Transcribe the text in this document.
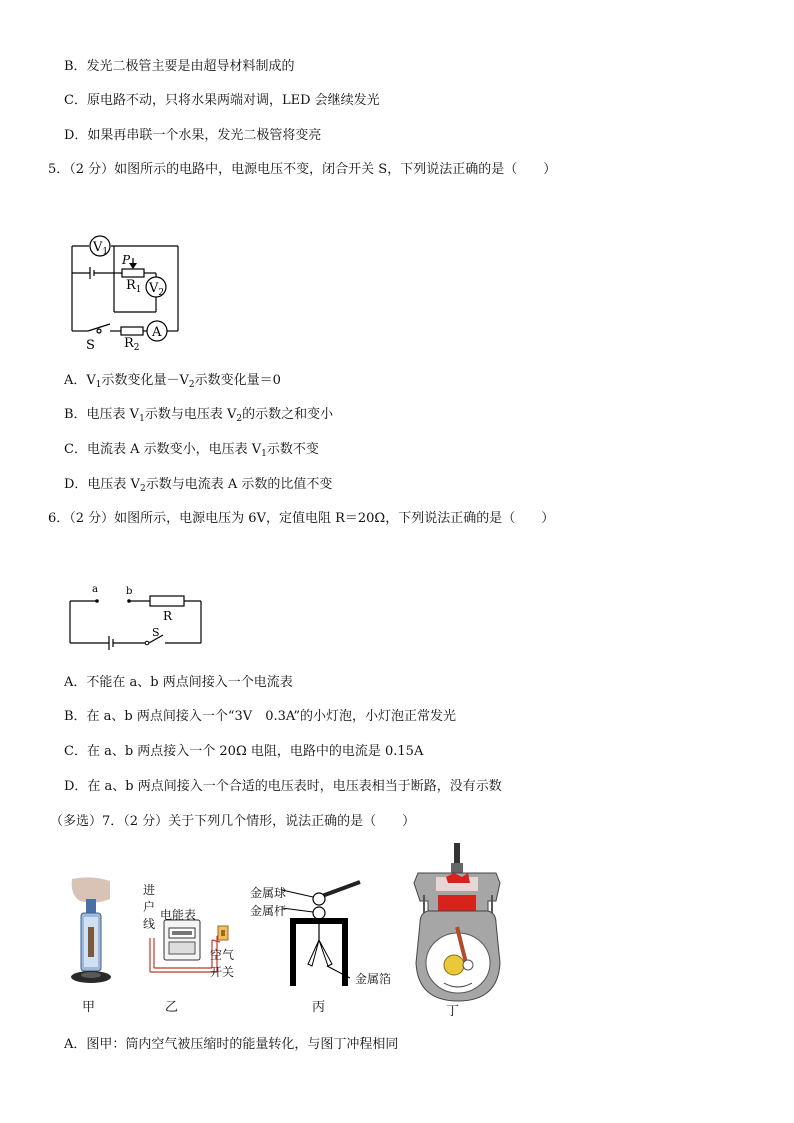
B．发光二极管主要是由超导材料制成的
C．原电路不动，只将水果两端对调，LED 会继续发光
D．如果再串联一个水果，发光二极管将变亮
5．（2 分）如图所示的电路中，电源电压不变，闭合开关 S，下列说法正确的是（　　）
$V_1$
$V_2$
A
P
$R_1$
$R_2$
S
A．$V_1$示数变化量$-V_2$示数变化量＝0
B．电压表 $V_1$示数与电压表 $V_2$的示数之和变小
C．电流表 A 示数变小，电压表 $V_1$示数不变
D．电压表 $V_2$示数与电流表 A 示数的比值不变
6．（2 分）如图所示，电源电压为 6V，定值电阻 R＝20Ω，下列说法正确的是（　　）
a	b
R
S
A．不能在 a、b 两点间接入一个电流表
B．在 a、b 两点间接入一个“3V　0.3A”的小灯泡，小灯泡正常发光
C．在 a、b 两点接入一个 20Ω 电阻，电路中的电流是 0.15A
D．在 a、b 两点间接入一个合适的电压表时，电压表相当于断路，没有示数
（多选）7．（2 分）关于下列几个情形，说法正确的是（　　）
甲
进
户
线
电能表
空气
开关
乙
金属球
金属杆
金属箔
丙	丁
A．图甲：筒内空气被压缩时的能量转化，与图丁冲程相同
